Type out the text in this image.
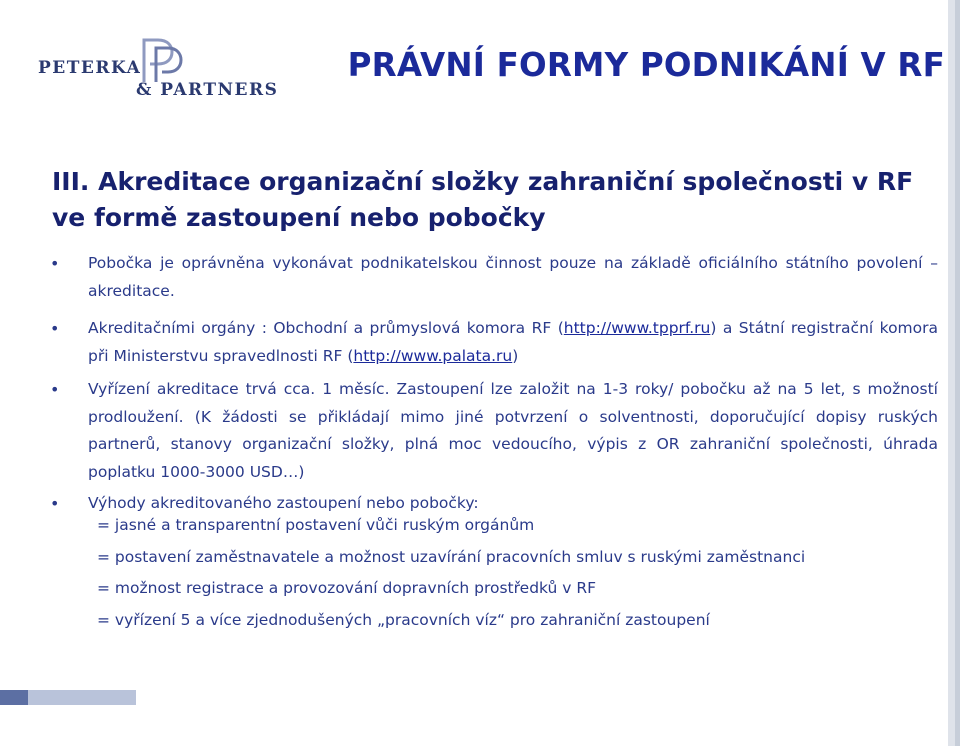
PETERKA
& PARTNERS
PRÁVNÍ FORMY PODNIKÁNÍ V RF
III. Akreditace organizační složky zahraniční společnosti v RF ve formě zastoupení nebo pobočky
• Pobočka je oprávněna vykonávat podnikatelskou činnost pouze na základě oficiálního státního povolení – akreditace.
• Akreditačními orgány : Obchodní a průmyslová komora RF (http://www.tpprf.ru) a Státní registrační komora při Ministerstvu spravedlnosti RF (http://www.palata.ru)
• Vyřízení akreditace trvá cca. 1 měsíc. Zastoupení lze založit na 1-3 roky/ pobočku až na 5 let, s možností prodloužení. (K žádosti se přikládají mimo jiné potvrzení o solventnosti, doporučující dopisy ruských partnerů, stanovy organizační složky, plná moc vedoucího, výpis z OR zahraniční společnosti, úhrada poplatku 1000-3000 USD…)
• Výhody akreditovaného zastoupení nebo pobočky:
= jasné a transparentní postavení vůči ruským orgánům
= postavení zaměstnavatele a možnost uzavírání pracovních smluv s ruskými zaměstnanci
= možnost registrace a provozování dopravních prostředků v RF
= vyřízení 5 a více zjednodušených „pracovních víz“ pro zahraniční zastoupení
